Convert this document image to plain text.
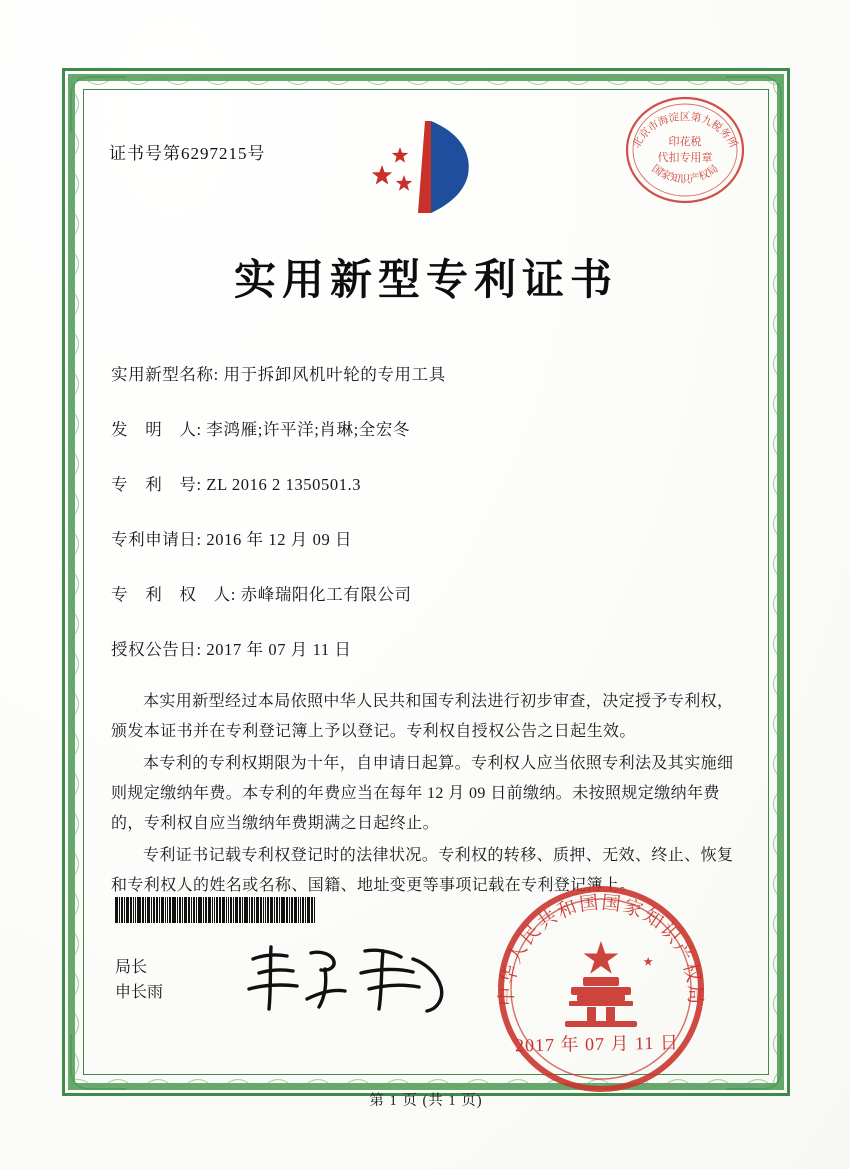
证书号第6297215号
北京市海淀区第九税务所
印花税
代扣专用章
国家知识产权局
实用新型专利证书
实用新型名称: 用于拆卸风机叶轮的专用工具
发　明　人: 李鸿雁;许平洋;肖琳;全宏冬
专　利　号: ZL 2016 2 1350501.3
专利申请日: 2016 年 12 月 09 日
专　利　权　人: 赤峰瑞阳化工有限公司
授权公告日: 2017 年 07 月 11 日

本实用新型经过本局依照中华人民共和国专利法进行初步审查，决定授予专利权，颁发本证书并在专利登记簿上予以登记。专利权自授权公告之日起生效。

本专利的专利权期限为十年，自申请日起算。专利权人应当依照专利法及其实施细则规定缴纳年费。本专利的年费应当在每年 12 月 09 日前缴纳。未按照规定缴纳年费的，专利权自应当缴纳年费期满之日起终止。

专利证书记载专利权登记时的法律状况。专利权的转移、质押、无效、终止、恢复和专利权人的姓名或名称、国籍、地址变更等事项记载在专利登记簿上。

局长
申长雨	中华人民共和国国家知识产权局
2017 年 07 月 11 日
第 1 页 (共 1 页)
